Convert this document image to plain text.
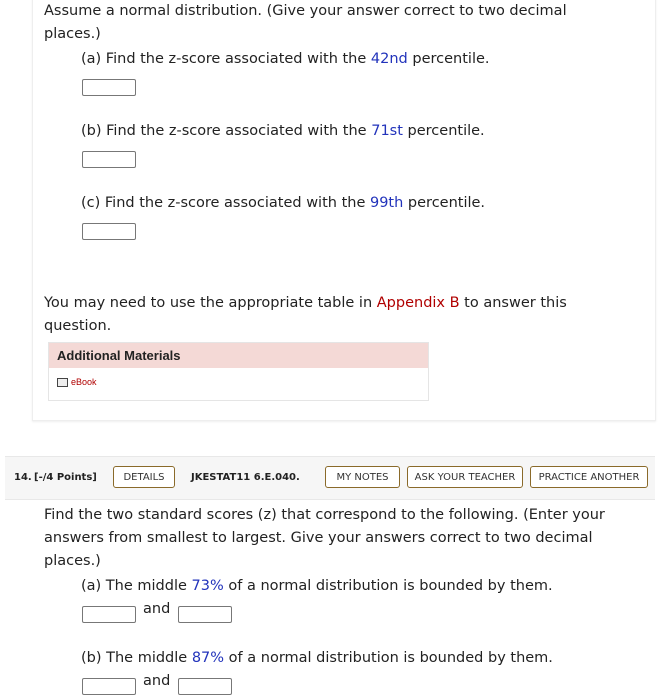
Assume a normal distribution. (Give your answer correct to two decimal places.)
(a) Find the z-score associated with the 42nd percentile.
(b) Find the z-score associated with the 71st percentile.
(c) Find the z-score associated with the 99th percentile.
You may need to use the appropriate table in Appendix B to answer this question.
Additional Materials
eBook
14. [-/4 Points]	DETAILS	JKESTAT11 6.E.040.	MY NOTES	ASK YOUR TEACHER	PRACTICE ANOTHER
Find the two standard scores (z) that correspond to the following. (Enter your answers from smallest to largest. Give your answers correct to two decimal places.)
(a) The middle 73% of a normal distribution is bounded by them.
and
(b) The middle 87% of a normal distribution is bounded by them.
and
